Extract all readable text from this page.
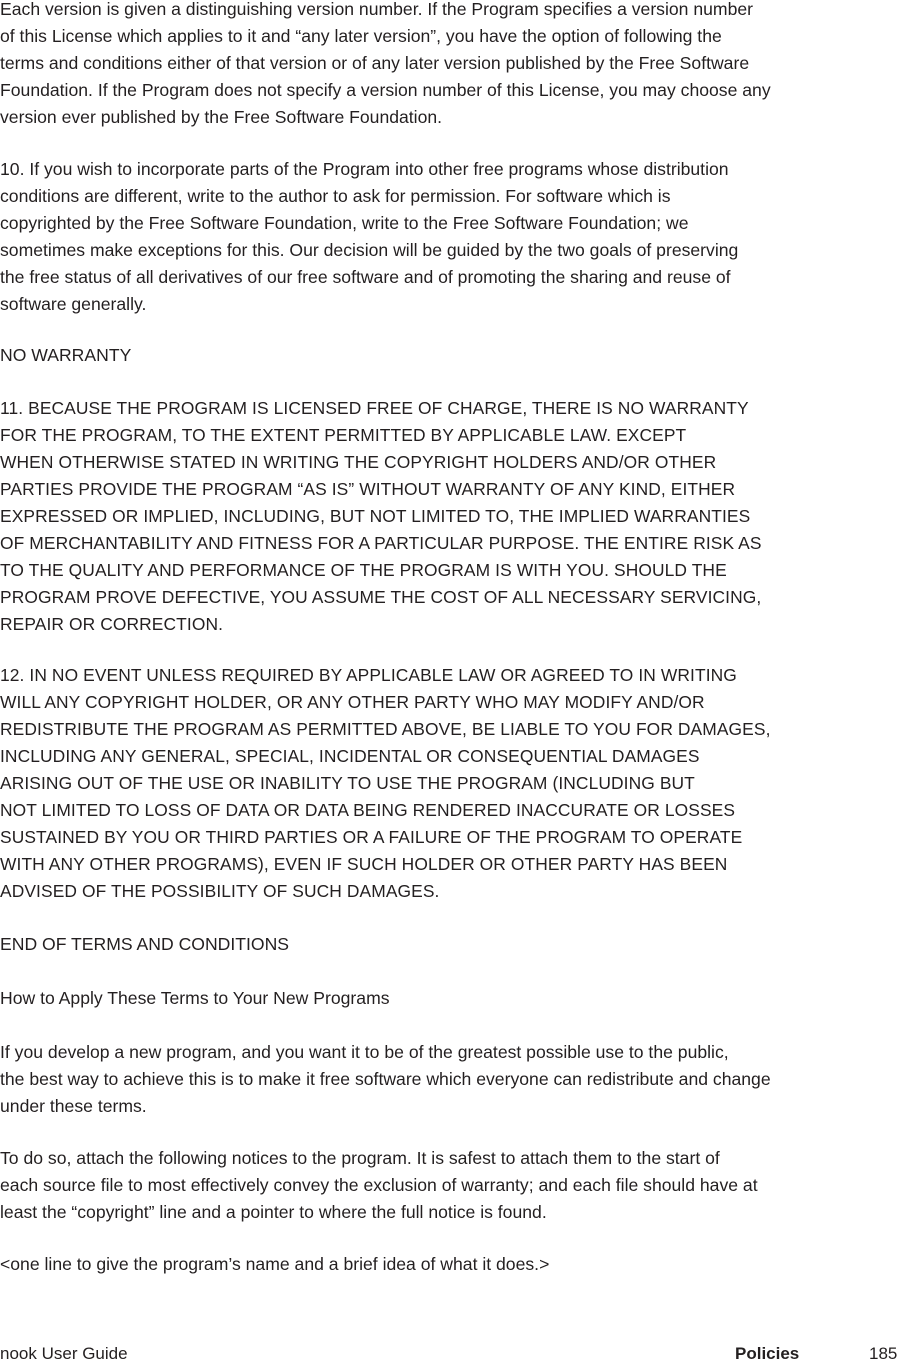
Each version is given a distinguishing version number. If the Program specifies a version number
of this License which applies to it and “any later version”, you have the option of following the
terms and conditions either of that version or of any later version published by the Free Software
Foundation. If the Program does not specify a version number of this License, you may choose any
version ever published by the Free Software Foundation.
10. If you wish to incorporate parts of the Program into other free programs whose distribution
conditions are different, write to the author to ask for permission. For software which is
copyrighted by the Free Software Foundation, write to the Free Software Foundation; we
sometimes make exceptions for this. Our decision will be guided by the two goals of preserving
the free status of all derivatives of our free software and of promoting the sharing and reuse of
software generally.
NO WARRANTY
11. BECAUSE THE PROGRAM IS LICENSED FREE OF CHARGE, THERE IS NO WARRANTY
FOR THE PROGRAM, TO THE EXTENT PERMITTED BY APPLICABLE LAW. EXCEPT
WHEN OTHERWISE STATED IN WRITING THE COPYRIGHT HOLDERS AND/OR OTHER
PARTIES PROVIDE THE PROGRAM “AS IS” WITHOUT WARRANTY OF ANY KIND, EITHER
EXPRESSED OR IMPLIED, INCLUDING, BUT NOT LIMITED TO, THE IMPLIED WARRANTIES
OF MERCHANTABILITY AND FITNESS FOR A PARTICULAR PURPOSE. THE ENTIRE RISK AS
TO THE QUALITY AND PERFORMANCE OF THE PROGRAM IS WITH YOU. SHOULD THE
PROGRAM PROVE DEFECTIVE, YOU ASSUME THE COST OF ALL NECESSARY SERVICING,
REPAIR OR CORRECTION.
12. IN NO EVENT UNLESS REQUIRED BY APPLICABLE LAW OR AGREED TO IN WRITING
WILL ANY COPYRIGHT HOLDER, OR ANY OTHER PARTY WHO MAY MODIFY AND/OR
REDISTRIBUTE THE PROGRAM AS PERMITTED ABOVE, BE LIABLE TO YOU FOR DAMAGES,
INCLUDING ANY GENERAL, SPECIAL, INCIDENTAL OR CONSEQUENTIAL DAMAGES
ARISING OUT OF THE USE OR INABILITY TO USE THE PROGRAM (INCLUDING BUT
NOT LIMITED TO LOSS OF DATA OR DATA BEING RENDERED INACCURATE OR LOSSES
SUSTAINED BY YOU OR THIRD PARTIES OR A FAILURE OF THE PROGRAM TO OPERATE
WITH ANY OTHER PROGRAMS), EVEN IF SUCH HOLDER OR OTHER PARTY HAS BEEN
ADVISED OF THE POSSIBILITY OF SUCH DAMAGES.
END OF TERMS AND CONDITIONS
How to Apply These Terms to Your New Programs
If you develop a new program, and you want it to be of the greatest possible use to the public,
the best way to achieve this is to make it free software which everyone can redistribute and change
under these terms.
To do so, attach the following notices to the program. It is safest to attach them to the start of
each source file to most effectively convey the exclusion of warranty; and each file should have at
least the “copyright” line and a pointer to where the full notice is found.
<one line to give the program’s name and a brief idea of what it does.>
nook User Guide	Policies	185
